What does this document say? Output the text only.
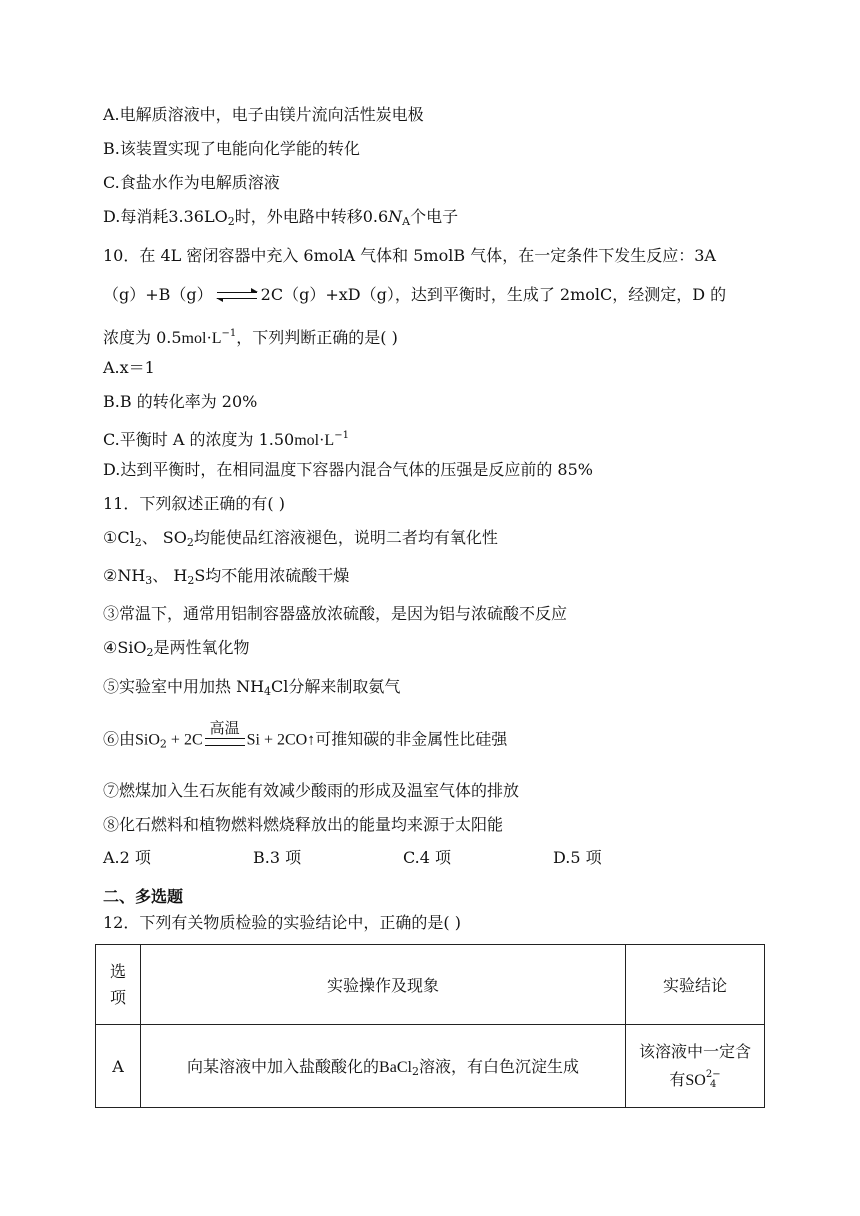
A.电解质溶液中，电子由镁片流向活性炭电极
B.该装置实现了电能向化学能的转化
C.食盐水作为电解质溶液
D.每消耗$3.36LO_2$时，外电路中转移$0.6N_A$个电子
10．在 4L 密闭容器中充入 6molA 气体和 5molB 气体，在一定条件下发生反应：3A
（g）+B（g） ⇌ 2C（g）+xD（g），达到平衡时，生成了 2molC，经测定，D 的
浓度为 $0.5mol\cdot L^{-1}$，下列判断正确的是( )
A.x＝1
B.B 的转化率为 20%
C.平衡时 A 的浓度为 $1.50mol\cdot L^{-1}$
D.达到平衡时，在相同温度下容器内混合气体的压强是反应前的 85%
11．下列叙述正确的有( )
$①Cl_2$、 $SO_2$均能使品红溶液褪色，说明二者均有氧化性
$②NH_3$、 $H_2S$均不能用浓硫酸干燥
③常温下，通常用铝制容器盛放浓硫酸，是因为铝与浓硫酸不反应
④SiO$_2$是两性氧化物
⑤实验室中用加热 $NH_4Cl$分解来制取氨气
⑥由SiO$_2$ + 2C
高温
Si + 2CO↑可推知碳的非金属性比硅强
⑦燃煤加入生石灰能有效减少酸雨的形成及温室气体的排放
⑧化石燃料和植物燃料燃烧释放出的能量均来源于太阳能
A.2 项	B.3 项	C.4 项	D.5 项
二、多选题
12．下列有关物质检验的实验结论中，正确的是( )
选
项	实验操作及现象	实验结论
A	向某溶液中加入盐酸酸化的BaCl$_2$溶液，有白色沉淀生成	该溶液中一定含
有SO 2−
4
